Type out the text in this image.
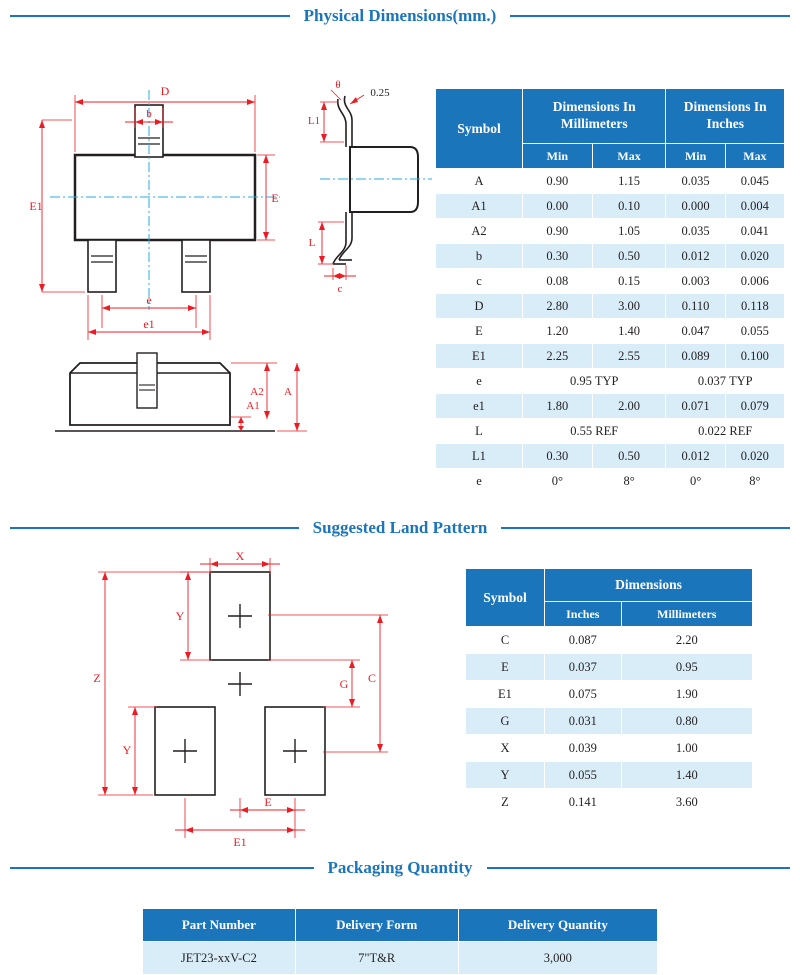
Physical Dimensions(mm.)
D
b
E1
E
e
e1
θ
0.25
L1
L
c
A1
A2 A
Symbol	Dimensions In Millimeters		Dimensions In Inches	
	Min	Max	Min	Max
A	0.90	1.15	0.035	0.045
A1	0.00	0.10	0.000	0.004
A2	0.90	1.05	0.035	0.041
b	0.30	0.50	0.012	0.020
c	0.08	0.15	0.003	0.006
D	2.80	3.00	0.110	0.118
E	1.20	1.40	0.047	0.055
E1	2.25	2.55	0.089	0.100
e	0.95 TYP		0.037 TYP	
e1	1.80	2.00	0.071	0.079
L	0.55 REF		0.022 REF	
L1	0.30	0.50	0.012	0.020
e	0°	8°	0°	8°
Suggested Land Pattern
X
Y
Z
Y
G C
E
E1
Symbol	Dimensions	
	Inches	Millimeters
C	0.087	2.20
E	0.037	0.95
E1	0.075	1.90
G	0.031	0.80
X	0.039	1.00
Y	0.055	1.40
Z	0.141	3.60
Packaging Quantity
Part Number	Delivery Form	Delivery Quantity
JET23-xxV-C2	7"T&R	3,000
